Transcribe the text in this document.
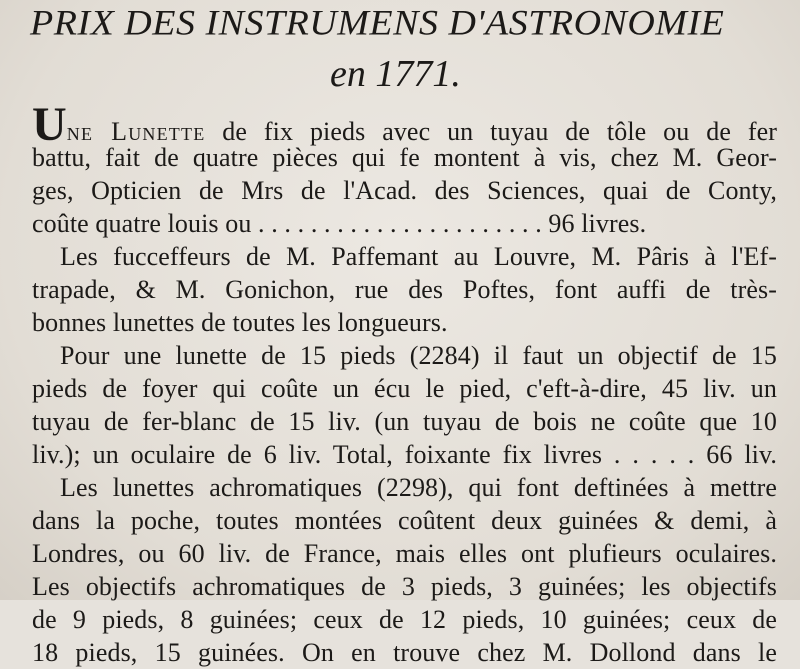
PRIX DES INSTRUMENS D'ASTRONOMIE
en 1771.
Une Lunette de fix pieds avec un tuyau de tôle ou de fer
battu, fait de quatre pièces qui fe montent à vis, chez M. Geor-
ges, Opticien de Mrs de l'Acad. des Sciences, quai de Conty,
coûte quatre louis ou . . . . . . . . . . . . . . . . . . . . . . 96 livres.
Les fucceffeurs de M. Paffemant au Louvre, M. Pâris à l'Ef-
trapade, & M. Gonichon, rue des Poftes, font auffi de très-
bonnes lunettes de toutes les longueurs.
Pour une lunette de 15 pieds (2284) il faut un objectif de 15
pieds de foyer qui coûte un écu le pied, c'eft-à-dire, 45 liv. un
tuyau de fer-blanc de 15 liv. (un tuyau de bois ne coûte que 10
liv.); un oculaire de 6 liv. Total, foixante fix livres . . . . . 66 liv.
Les lunettes achromatiques (2298), qui font deftinées à mettre
dans la poche, toutes montées coûtent deux guinées & demi, à
Londres, ou 60 liv. de France, mais elles ont plufieurs oculaires.
Les objectifs achromatiques de 3 pieds, 3 guinées; les objectifs
de 9 pieds, 8 guinées; ceux de 12 pieds, 10 guinées; ceux de
18 pieds, 15 guinées. On en trouve chez M. Dollond dans le
